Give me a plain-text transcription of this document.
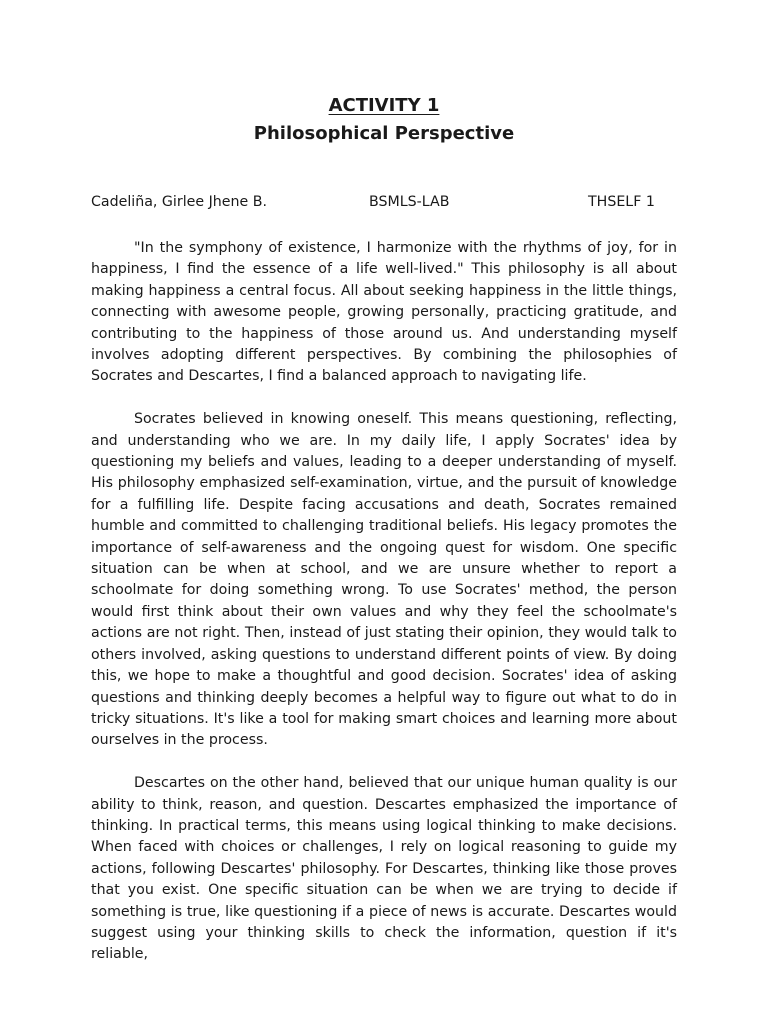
ACTIVITY 1
Philosophical Perspective
Cadeliña, Girlee Jhene B.	BSMLS-LAB	THSELF 1

"In the symphony of existence, I harmonize with the rhythms of joy, for in happiness, I find the essence of a life well-lived." This philosophy is all about making happiness a central focus. All about seeking happiness in the little things, connecting with awesome people, growing personally, practicing gratitude, and contributing to the happiness of those around us. And understanding myself involves adopting different perspectives. By combining the philosophies of Socrates and Descartes, I find a balanced approach to navigating life.

Socrates believed in knowing oneself. This means questioning, reflecting, and understanding who we are. In my daily life, I apply Socrates' idea by questioning my beliefs and values, leading to a deeper understanding of myself. His philosophy emphasized self-examination, virtue, and the pursuit of knowledge for a fulfilling life. Despite facing accusations and death, Socrates remained humble and committed to challenging traditional beliefs. His legacy promotes the importance of self-awareness and the ongoing quest for wisdom. One specific situation can be when at school, and we are unsure whether to report a schoolmate for doing something wrong. To use Socrates' method, the person would first think about their own values and why they feel the schoolmate's actions are not right. Then, instead of just stating their opinion, they would talk to others involved, asking questions to understand different points of view. By doing this, we hope to make a thoughtful and good decision. Socrates' idea of asking questions and thinking deeply becomes a helpful way to figure out what to do in tricky situations. It's like a tool for making smart choices and learning more about ourselves in the process.

Descartes on the other hand, believed that our unique human quality is our ability to think, reason, and question. Descartes emphasized the importance of thinking. In practical terms, this means using logical thinking to make decisions. When faced with choices or challenges, I rely on logical reasoning to guide my actions, following Descartes' philosophy. For Descartes, thinking like those proves that you exist. One specific situation can be when we are trying to decide if something is true, like questioning if a piece of news is accurate. Descartes would suggest using your thinking skills to check the information, question if it's reliable,
